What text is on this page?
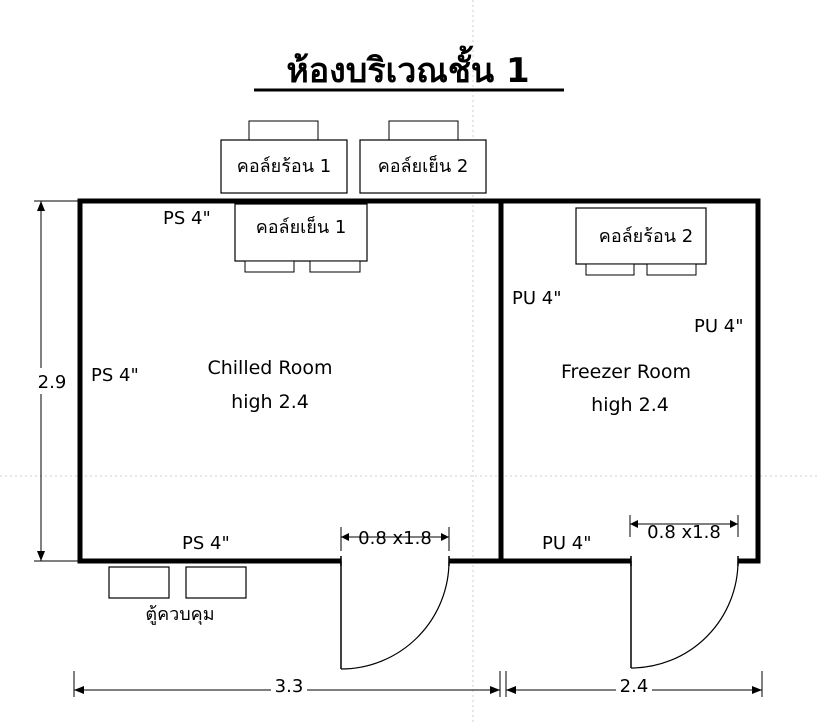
ห้องบริเวณชั้น 1
คอล์ยร้อน 1	คอล์ยเย็น 2
คอล์ยเย็น 1	คอล์ยร้อน 2
PS 4"
PS 4"
PS 4"
PU 4"
PU 4"
PU 4"
Chilled Room
high 2.4
Freezer Room
high 2.4
0.8 x1.8	0.8 x1.8
ตู้ควบคุม
2.9
3.3	2.4
